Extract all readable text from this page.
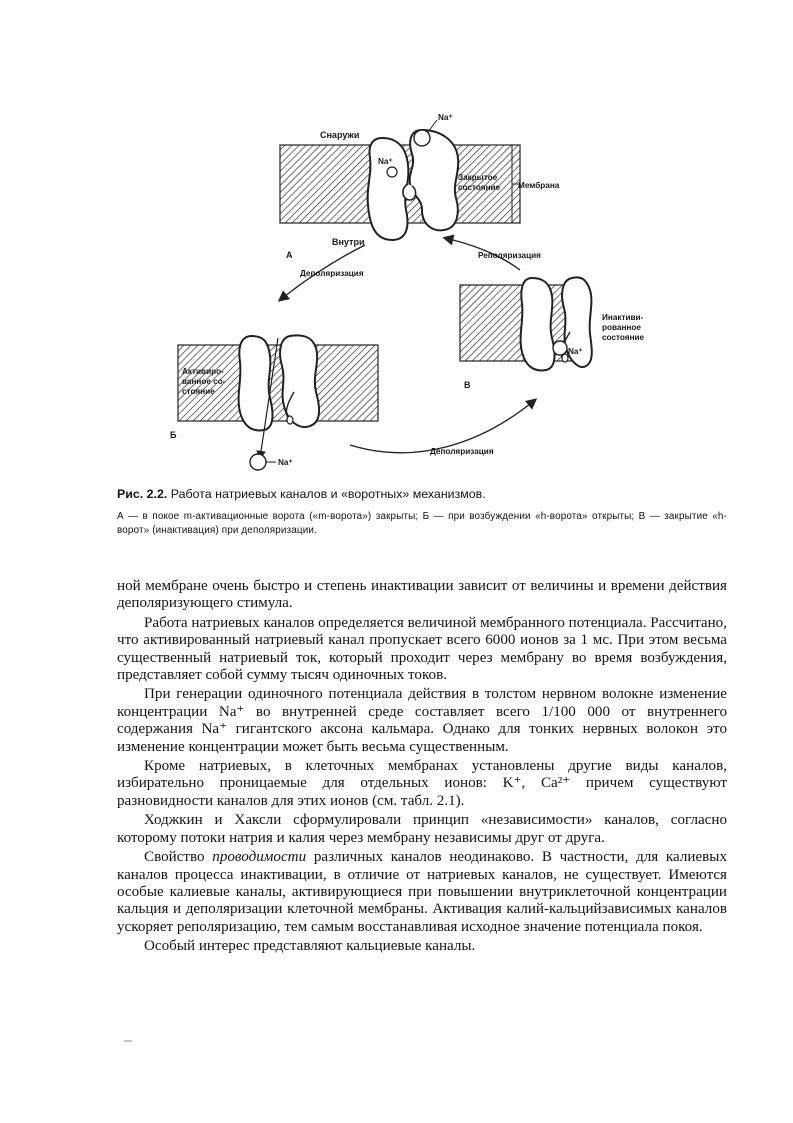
Na⁺
Снаружи
Na⁺
Закрытое
состояние Мембрана
Внутри
А
Деполяризация
Реполяризация
Деполяризация
Na⁺
Активиро-
ванное со-
стояние
Б
Na⁺
Инактиви-
рованное
состояние
В

Рис. 2.2. Работа натриевых каналов и «воротных» механизмов.

А — в покое m-активационные ворота («m-ворота») закрыты; Б — при возбуждении «h-ворота» открыты; В — закрытие «h-ворот» (инактивация) при деполяризации.

ной мембране очень быстро и степень инактивации зависит от величины и времени действия деполяризующего стимула.

Работа натриевых каналов определяется величиной мембранного потенциала. Рассчитано, что активированный натриевый канал пропускает всего 6000 ионов за 1 мс. При этом весьма существенный натриевый ток, который проходит через мембрану во время возбуждения, представляет собой сумму тысяч одиночных токов.

При генерации одиночного потенциала действия в толстом нервном волокне изменение концентрации Na⁺ во внутренней среде составляет всего 1/100 000 от внутреннего содержания Na⁺ гигантского аксона кальмара. Однако для тонких нервных волокон это изменение концентрации может быть весьма существенным.

Кроме натриевых, в клеточных мембранах установлены другие виды каналов, избирательно проницаемые для отдельных ионов: K⁺, Ca²⁺ причем существуют разновидности каналов для этих ионов (см. табл. 2.1).

Ходжкин и Хаксли сформулировали принцип «независимости» каналов, согласно которому потоки натрия и калия через мембрану независимы друг от друга.

Свойство проводимости различных каналов неодинаково. В частности, для калиевых каналов процесса инактивации, в отличие от натриевых каналов, не существует. Имеются особые калиевые каналы, активирующиеся при повышении внутриклеточной концентрации кальция и деполяризации клеточной мембраны. Активация калий-кальцийзависимых каналов ускоряет реполяризацию, тем самым восстанавливая исходное значение потенциала покоя.

Особый интерес представляют кальциевые каналы.
